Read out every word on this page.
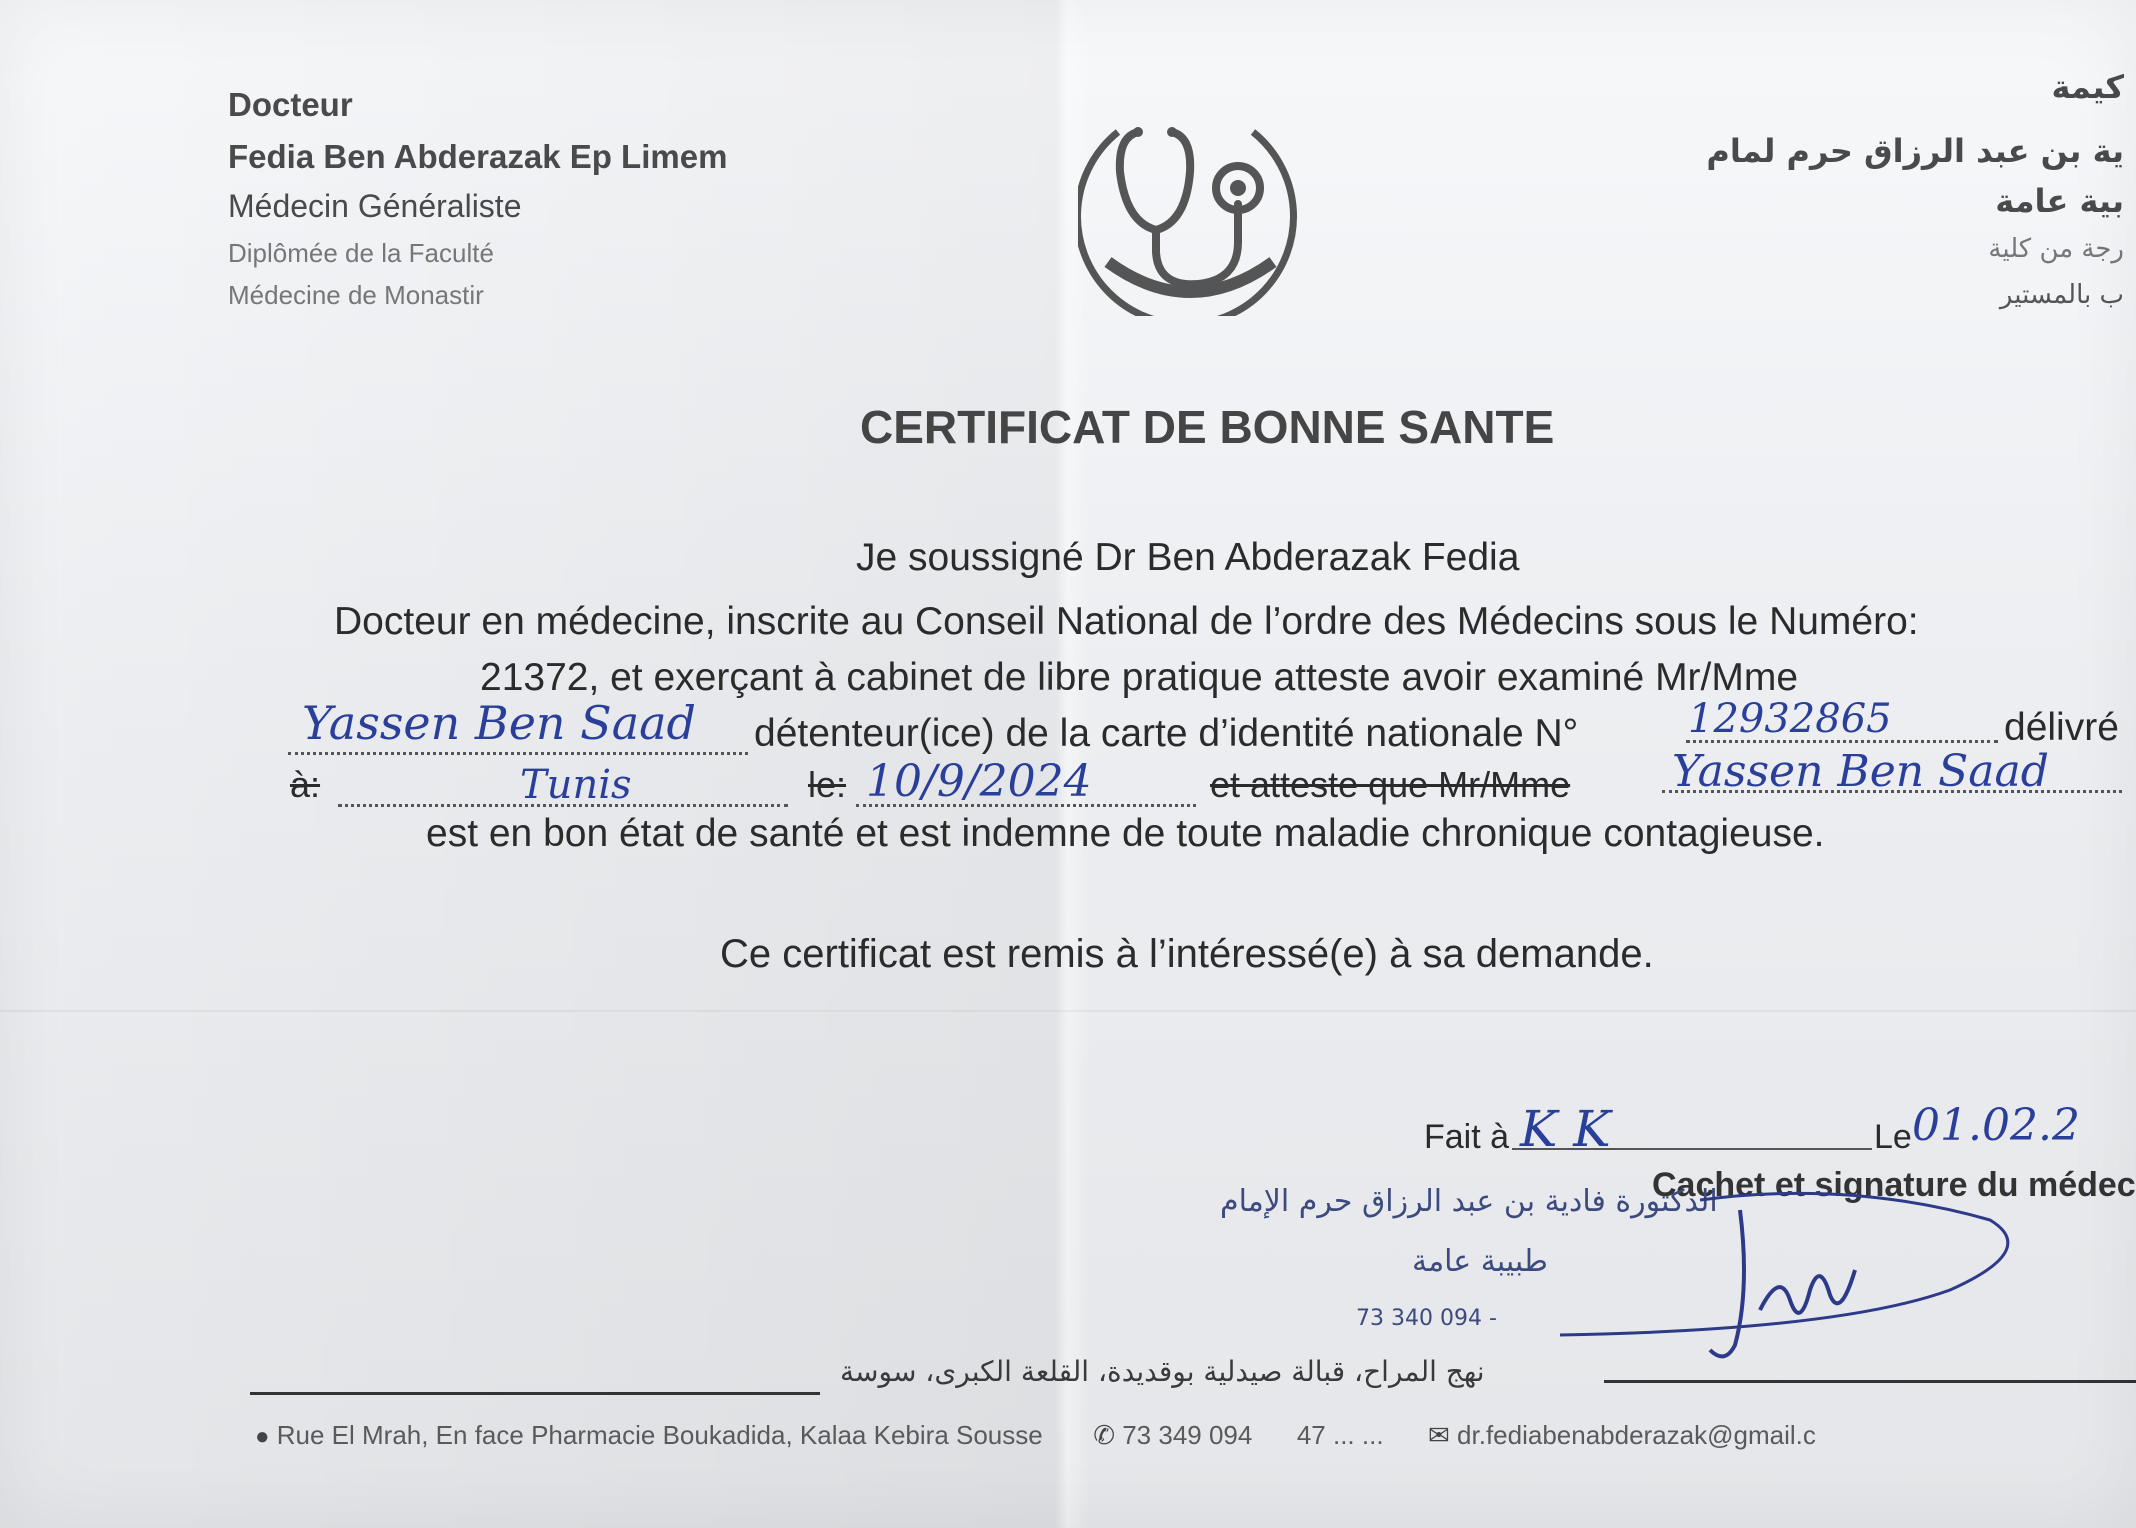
Docteur
Fedia Ben Abderazak Ep Limem
Médecin Généraliste
Diplômée de la Faculté
Médecine de Monastir
كيمة
ية بن عبد الرزاق حرم لمام
بية عامة
رجة من كلية
ب بالمستير
CERTIFICAT DE BONNE SANTE
Je soussigné Dr Ben Abderazak Fedia
Docteur en médecine, inscrite au Conseil National de l’ordre des Médecins sous le Numéro:
21372, et exerçant à cabinet de libre pratique atteste avoir examiné Mr/Mme
Yassen Ben Saad détenteur(ice) de la carte d’identité nationale N°	12932865	délivré
à:	Tunis	le: 10/9/2024	et atteste que Mr/Mme Yassen Ben Saad
est en bon état de santé et est indemne de toute maladie chronique contagieuse.
Ce certificat est remis à l’intéressé(e) à sa demande.
Fait à K K	Le 01.02.2
Cachet et signature du médec
الدكتورة فادية بن عبد الرزاق حرم الإمام
طبيبة عامة
73 340 094 -
نهج المراح، قبالة صيدلية بوقديدة، القلعة الكبرى، سوسة
● Rue El Mrah, En face Pharmacie Boukadida, Kalaa Kebira Sousse ✆ 73 349 094 47 ... ... ✉ dr.fediabenabderazak@gmail.c
